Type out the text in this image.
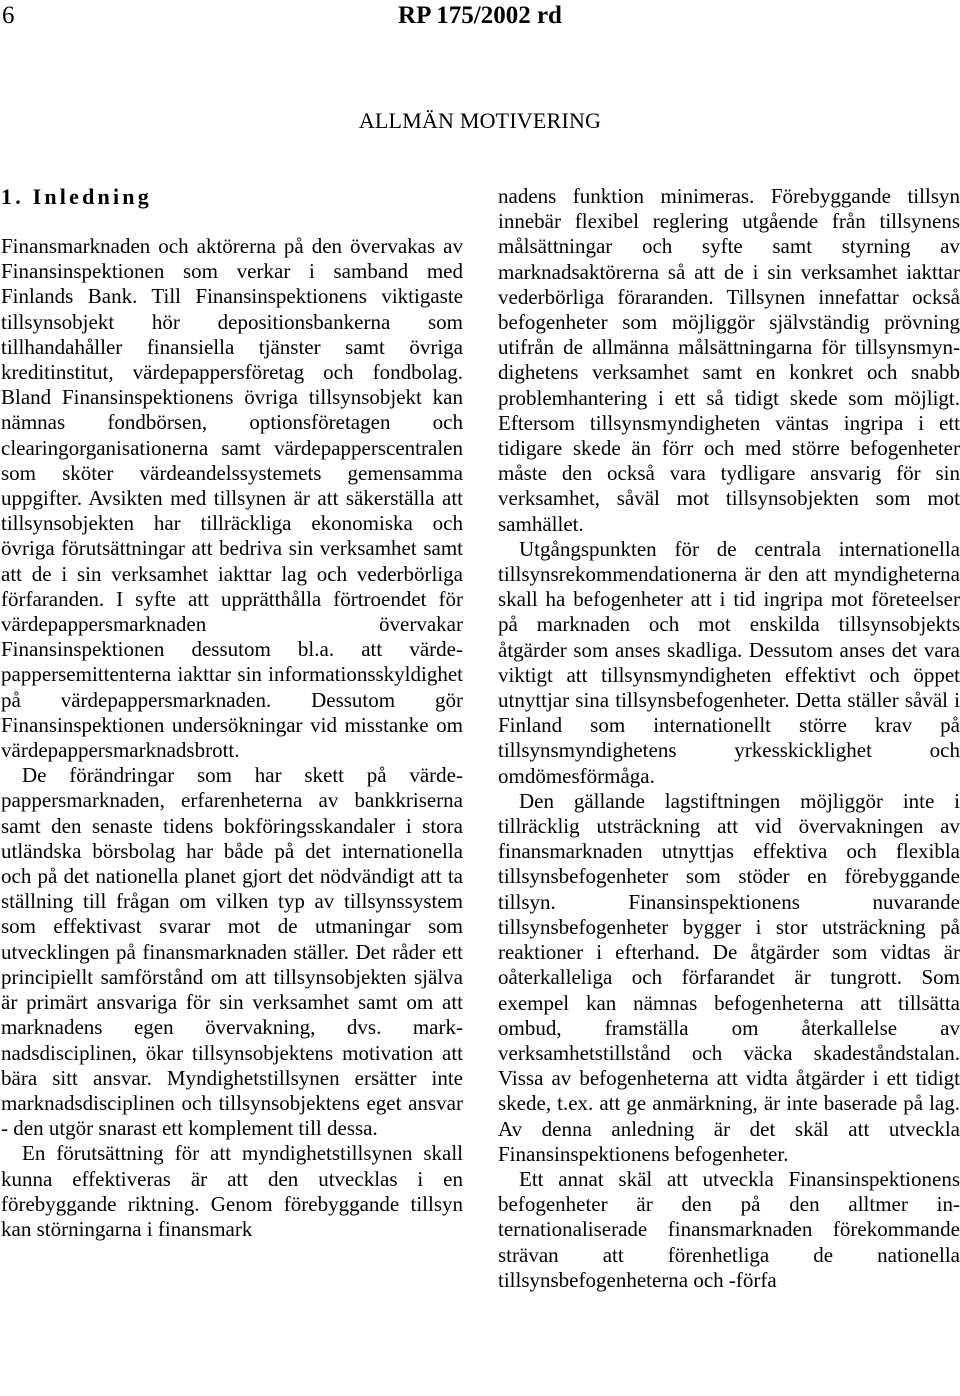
6	RP 175/2002 rd
ALLMÄN MOTIVERING
1. Inledning

Finansmarknaden och aktörerna på den övervakas av Finansinspektionen som verkar i samband med Finlands Bank. Till Finansinspektionens viktigaste tillsynsobjekt hör depositionsbankerna som tillhandahåller finansiella tjänster samt övriga kreditinstitut, värdepappersföretag och fondbolag. Bland Finansinspektionens övriga tillsynsobjekt kan nämnas fondbörsen, optionsföretagen och clearingorganisationerna samt värdepapperscentralen som sköter värdeandelssystemets gemensamma uppgifter. Avsikten med tillsynen är att säkerställa att tillsynsobjekten har tillräckliga ekonomiska och övriga förutsättningar att bedriva sin verksamhet samt att de i sin verksamhet iakttar lag och vederbörliga förfaranden. I syfte att upprätthålla förtroendet för värdepappersmarknaden övervakar Finansinspektionen dessutom bl.a. att värdepappersemittenterna iakttar sin informationsskyldighet på värdepappersmarknaden. Dessutom gör Finansinspektionen undersökningar vid misstanke om värdepappersmarknadsbrott.

De förändringar som har skett på värdepappersmarknaden, erfarenheterna av bankkriserna samt den senaste tidens bokföringsskandaler i stora utländska börsbolag har både på det internationella och på det nationella planet gjort det nödvändigt att ta ställning till frågan om vilken typ av tillsynssystem som effektivast svarar mot de utmaningar som utvecklingen på finansmarknaden ställer. Det råder ett principiellt samförstånd om att tillsynsobjekten själva är primärt ansvariga för sin verksamhet samt om att marknadens egen övervakning, dvs. marknadsdisciplinen, ökar tillsynsobjektens motivation att bära sitt ansvar. Myndighetstillsynen ersätter inte marknadsdisciplinen och tillsynsobjektens eget ansvar - den utgör snarast ett komplement till dessa.

En förutsättning för att myndighetstillsynen skall kunna effektiveras är att den utvecklas i en förebyggande riktning. Genom förebyggande tillsyn kan störningarna i finansmark

nadens funktion minimeras. Förebyggande tillsyn innebär flexibel reglering utgående från tillsynens målsättningar och syfte samt styrning av marknadsaktörerna så att de i sin verksamhet iakttar vederbörliga föraranden. Tillsynen innefattar också befogenheter som möjliggör självständig prövning utifrån de allmänna målsättningarna för tillsynsmyndighetens verksamhet samt en konkret och snabb problemhantering i ett så tidigt skede som möjligt. Eftersom tillsynsmyndigheten väntas ingripa i ett tidigare skede än förr och med större befogenheter måste den också vara tydligare ansvarig för sin verksamhet, såväl mot tillsynsobjekten som mot samhället.

Utgångspunkten för de centrala internationella tillsynsrekommendationerna är den att myndigheterna skall ha befogenheter att i tid ingripa mot företeelser på marknaden och mot enskilda tillsynsobjekts åtgärder som anses skadliga. Dessutom anses det vara viktigt att tillsynsmyndigheten effektivt och öppet utnyttjar sina tillsynsbefogenheter. Detta ställer såväl i Finland som internationellt större krav på tillsynsmyndighetens yrkesskicklighet och omdömesförmåga.

Den gällande lagstiftningen möjliggör inte i tillräcklig utsträckning att vid övervakningen av finansmarknaden utnyttjas effektiva och flexibla tillsynsbefogenheter som stöder en förebyggande tillsyn. Finansinspektionens nuvarande tillsynsbefogenheter bygger i stor utsträckning på reaktioner i efterhand. De åtgärder som vidtas är oåterkalleliga och förfarandet är tungrott. Som exempel kan nämnas befogenheterna att tillsätta ombud, framställa om återkallelse av verksamhetstillstånd och väcka skadeståndstalan. Vissa av befogenheterna att vidta åtgärder i ett tidigt skede, t.ex. att ge anmärkning, är inte baserade på lag. Av denna anledning är det skäl att utveckla Finansinspektionens befogenheter.

Ett annat skäl att utveckla Finansinspektionens befogenheter är den på den alltmer internationaliserade finansmarknaden förekommande strävan att förenhetliga de nationella tillsynsbefogenheterna och -förfa
